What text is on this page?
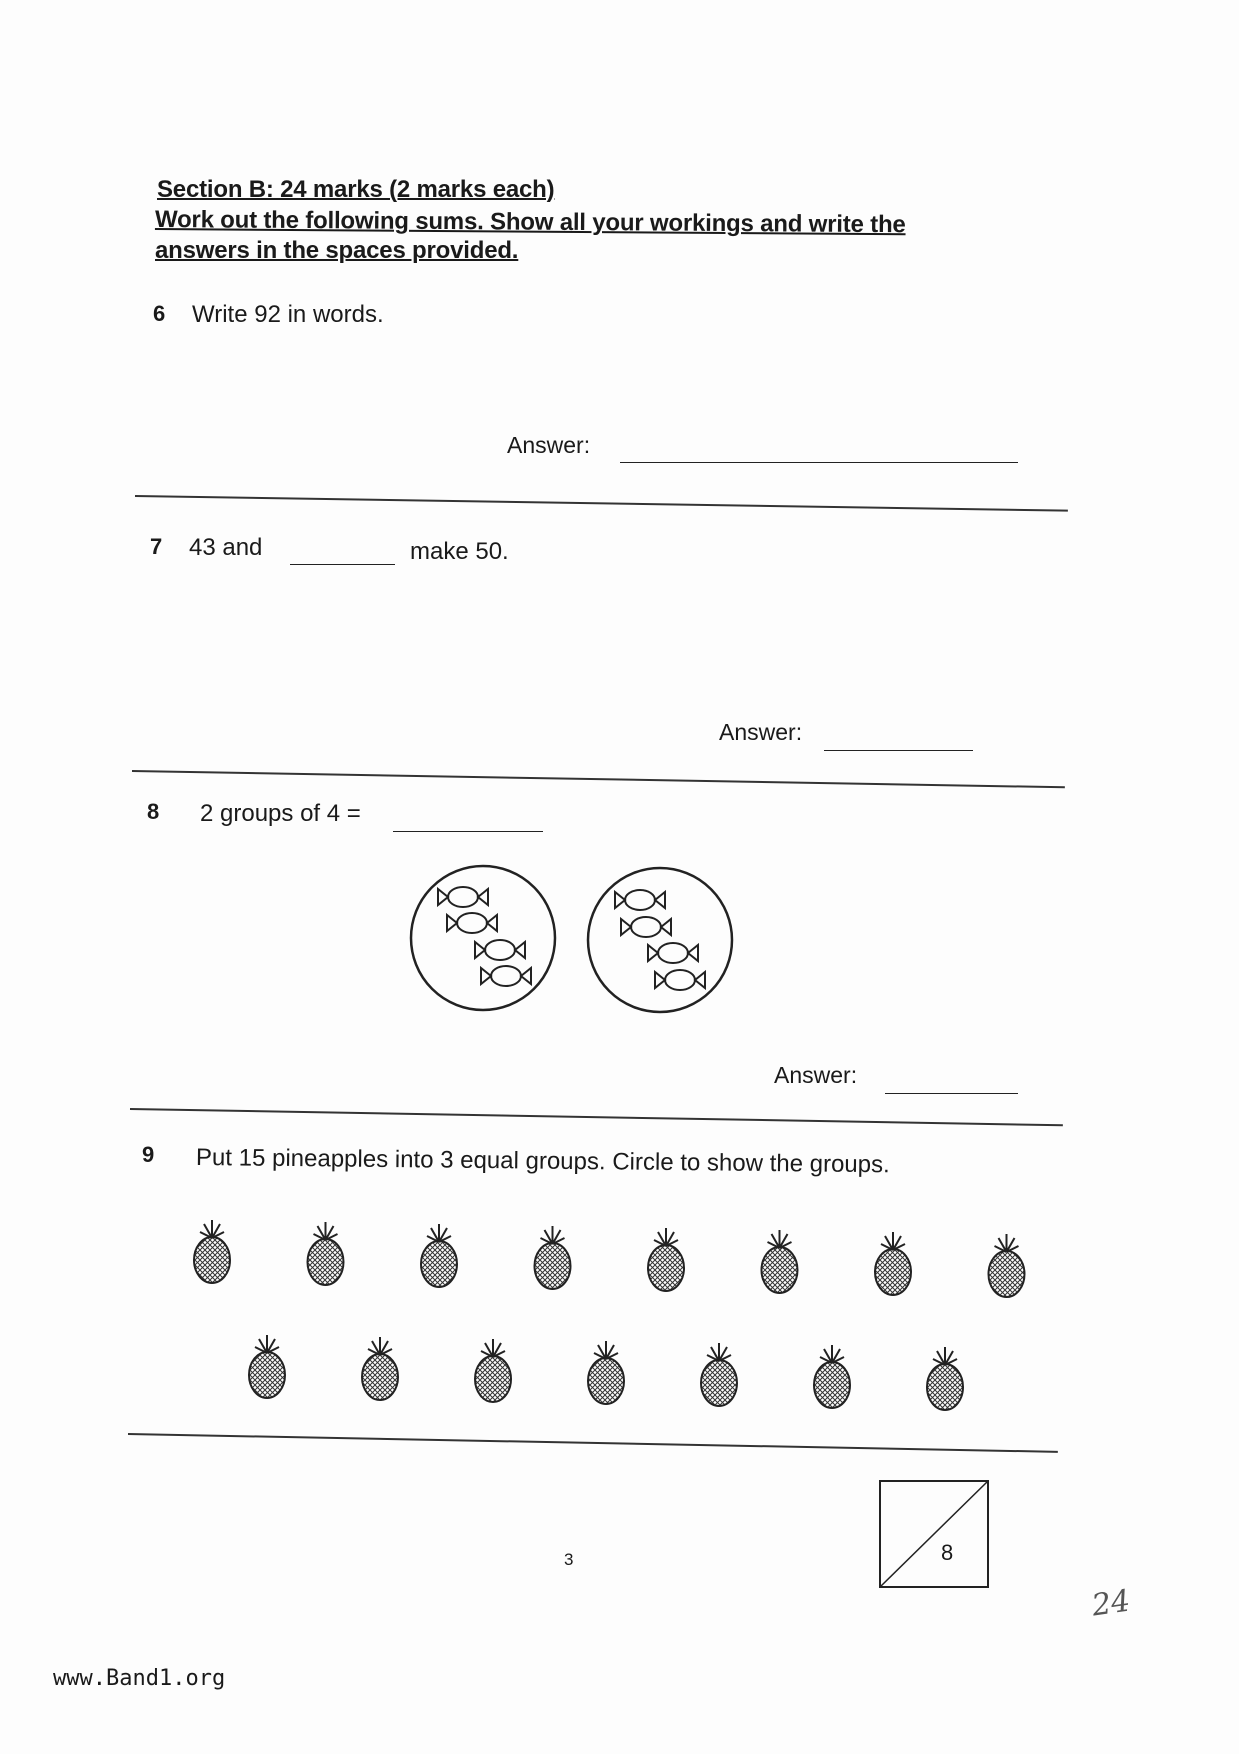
Section B: 24 marks (2 marks each)
Work out the following sums. Show all your workings and write the
answers in the spaces provided.
6 Write 92 in words.
Answer:
7 43 and	make 50.
Answer:
8 2 groups of 4 =
Answer:
9 Put 15 pineapples into 3 equal groups. Circle to show the groups.
3	8
24
www.Band1.org
